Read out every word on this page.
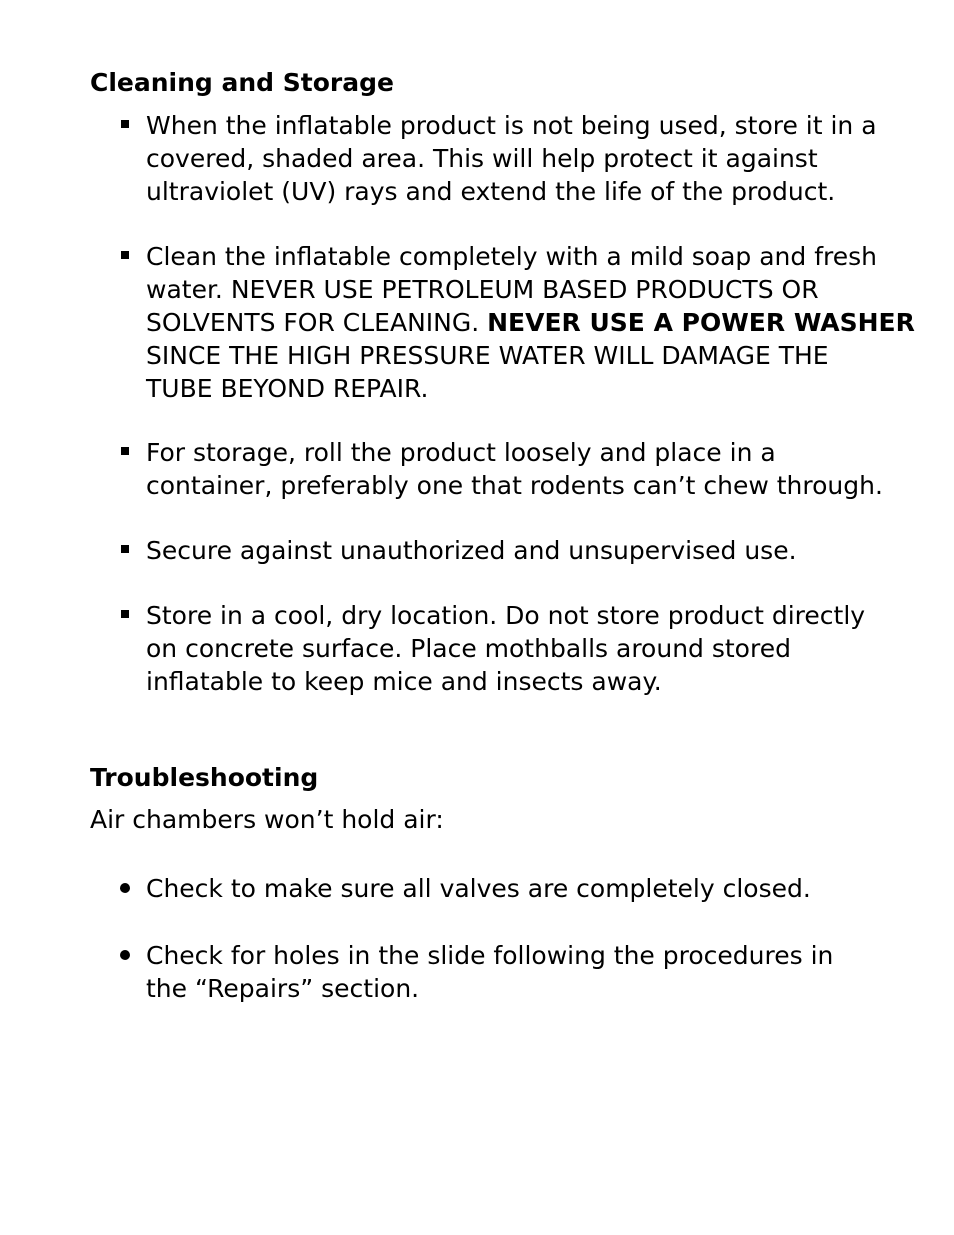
Cleaning and Storage
When the inflatable product is not being used, store it in a
covered, shaded area. This will help protect it against
ultraviolet (UV) rays and extend the life of the product.
Clean the inflatable completely with a mild soap and fresh
water. NEVER USE PETROLEUM BASED PRODUCTS OR
SOLVENTS FOR CLEANING. NEVER USE A POWER WASHER
SINCE THE HIGH PRESSURE WATER WILL DAMAGE THE
TUBE BEYOND REPAIR.
For storage, roll the product loosely and place in a
container, preferably one that rodents can’t chew through.
Secure against unauthorized and unsupervised use.
Store in a cool, dry location. Do not store product directly
on concrete surface. Place mothballs around stored
inflatable to keep mice and insects away.
Troubleshooting

Air chambers won’t hold air:

Check to make sure all valves are completely closed.
Check for holes in the slide following the procedures in
the “Repairs” section.
